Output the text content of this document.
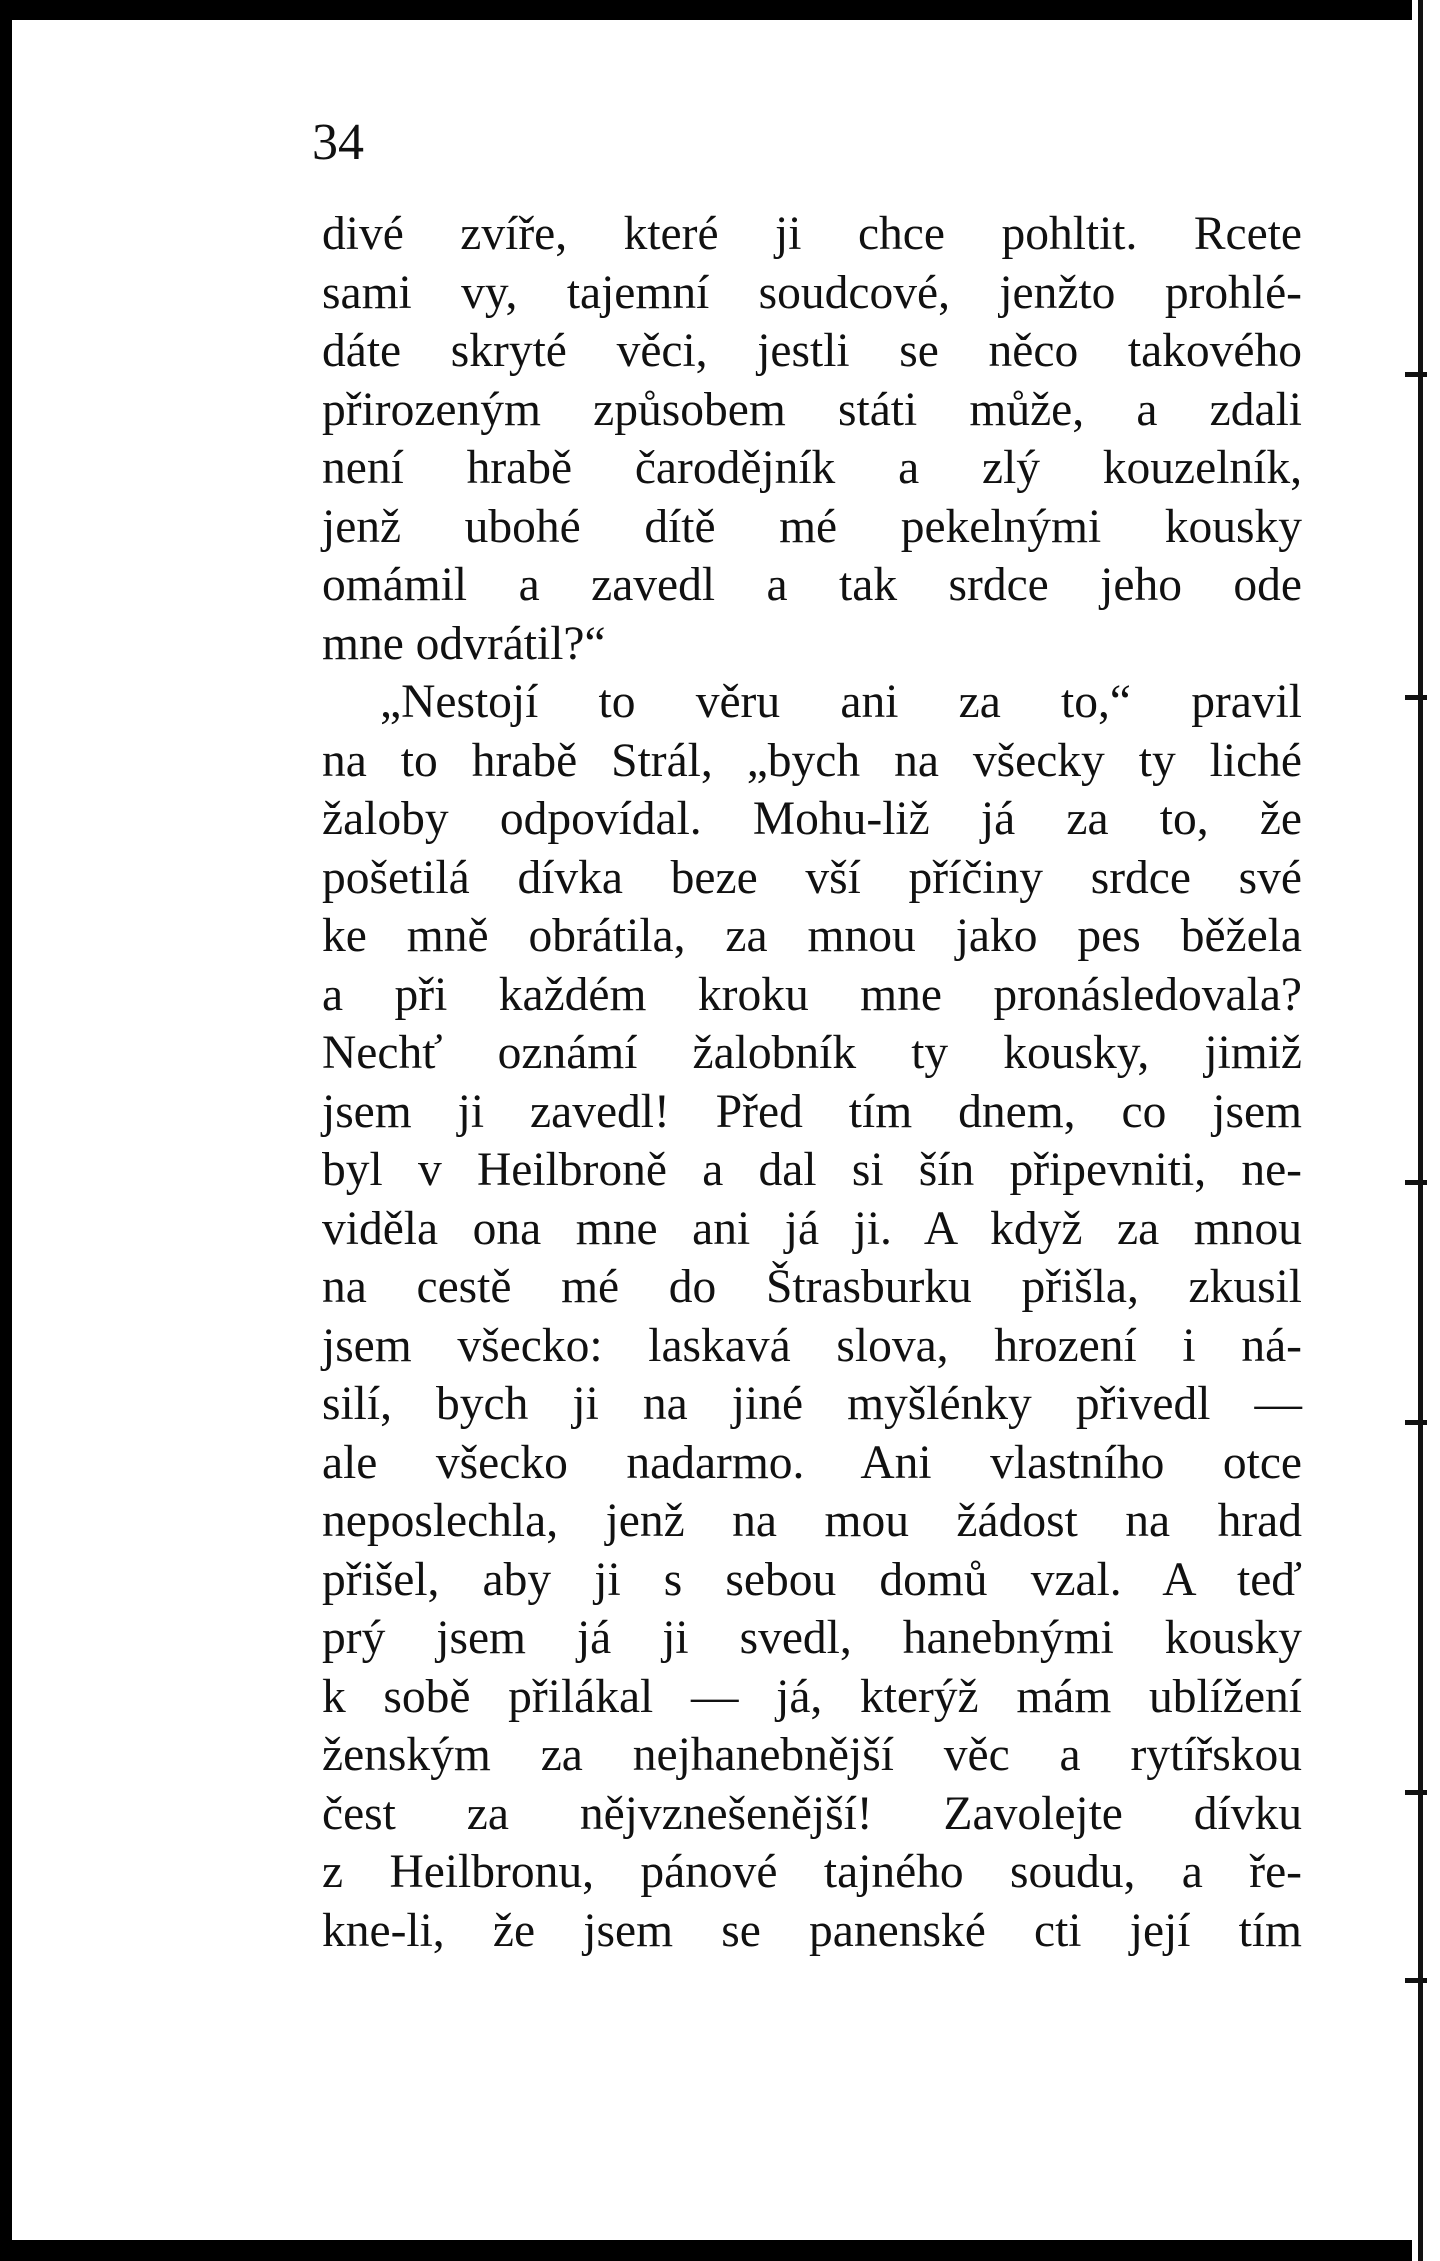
34

divé zvíře, které ji chce pohltit. Rcete
sami vy, tajemní soudcové, jenžto prohlé-
dáte skryté věci, jestli se něco takového
přirozeným způsobem státi může, a zdali
není hrabě čarodějník a zlý kouzelník,
jenž ubohé dítě mé pekelnými kousky
omámil a zavedl a tak srdce jeho ode
mne odvrátil?“
„Nestojí to věru ani za to,“ pravil
na to hrabě Strál, „bych na všecky ty liché
žaloby odpovídal. Mohu-liž já za to, že
pošetilá dívka beze vší příčiny srdce své
ke mně obrátila, za mnou jako pes běžela
a při každém kroku mne pronásledovala?
Nechť oznámí žalobník ty kousky, jimiž
jsem ji zavedl! Před tím dnem, co jsem
byl v Heilbroně a dal si šín připevniti, ne-
viděla ona mne ani já ji. A když za mnou
na cestě mé do Štrasburku přišla, zkusil
jsem všecko: laskavá slova, hrození i ná-
silí, bych ji na jiné myšlénky přivedl —
ale všecko nadarmo. Ani vlastního otce
neposlechla, jenž na mou žádost na hrad
přišel, aby ji s sebou domů vzal. A teď
prý jsem já ji svedl, hanebnými kousky
k sobě přilákal — já, kterýž mám ublížení
ženským za nejhanebnější věc a rytířskou
čest za nějvznešenější! Zavolejte dívku
z Heilbronu, pánové tajného soudu, a ře-
kne-li, že jsem se panenské cti její tím
